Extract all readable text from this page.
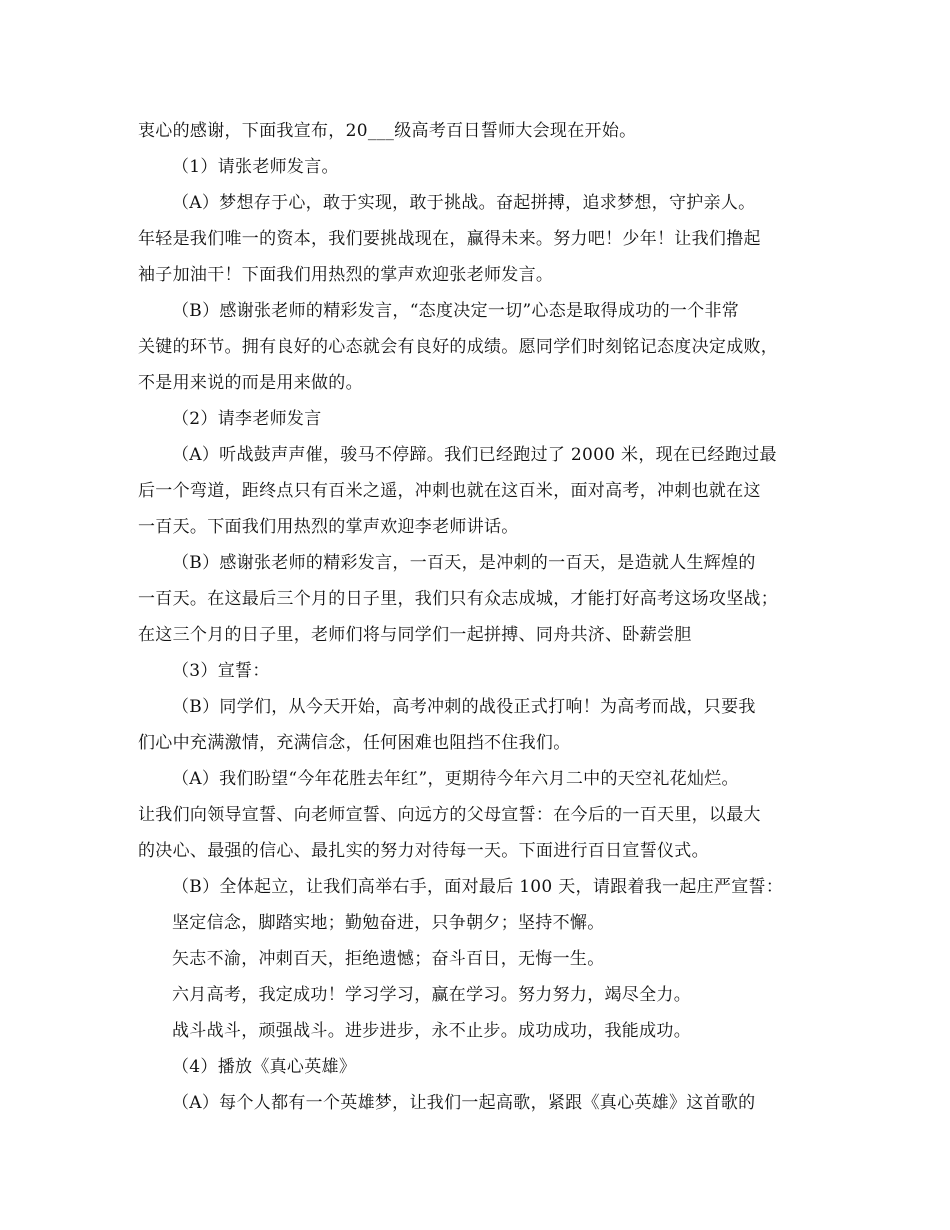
衷心的感谢，下面我宣布，20___级高考百日誓师大会现在开始。
（1）请张老师发言。
（A）梦想存于心，敢于实现，敢于挑战。奋起拼搏，追求梦想，守护亲人。
年轻是我们唯一的资本，我们要挑战现在，赢得未来。努力吧！少年！让我们撸起
袖子加油干！下面我们用热烈的掌声欢迎张老师发言。
（B）感谢张老师的精彩发言，“态度决定一切”心态是取得成功的一个非常
关键的环节。拥有良好的心态就会有良好的成绩。愿同学们时刻铭记态度决定成败，
不是用来说的而是用来做的。
（2）请李老师发言
（A）听战鼓声声催，骏马不停蹄。我们已经跑过了 2000 米，现在已经跑过最
后一个弯道，距终点只有百米之遥，冲刺也就在这百米，面对高考，冲刺也就在这
一百天。下面我们用热烈的掌声欢迎李老师讲话。
（B）感谢张老师的精彩发言，一百天，是冲刺的一百天，是造就人生辉煌的
一百天。在这最后三个月的日子里，我们只有众志成城，才能打好高考这场攻坚战；
在这三个月的日子里，老师们将与同学们一起拼搏、同舟共济、卧薪尝胆
（3）宣誓：
（B）同学们，从今天开始，高考冲刺的战役正式打响！为高考而战，只要我
们心中充满激情，充满信念，任何困难也阻挡不住我们。
（A）我们盼望“今年花胜去年红”，更期待今年六月二中的天空礼花灿烂。
让我们向领导宣誓、向老师宣誓、向远方的父母宣誓：在今后的一百天里，以最大
的决心、最强的信心、最扎实的努力对待每一天。下面进行百日宣誓仪式。
（B）全体起立，让我们高举右手，面对最后 100 天，请跟着我一起庄严宣誓：
坚定信念，脚踏实地；勤勉奋进，只争朝夕；坚持不懈。
矢志不渝，冲刺百天，拒绝遗憾；奋斗百日，无悔一生。
六月高考，我定成功！学习学习，赢在学习。努力努力，竭尽全力。
战斗战斗，顽强战斗。进步进步，永不止步。成功成功，我能成功。
（4）播放《真心英雄》
（A）每个人都有一个英雄梦，让我们一起高歌，紧跟《真心英雄》这首歌的
